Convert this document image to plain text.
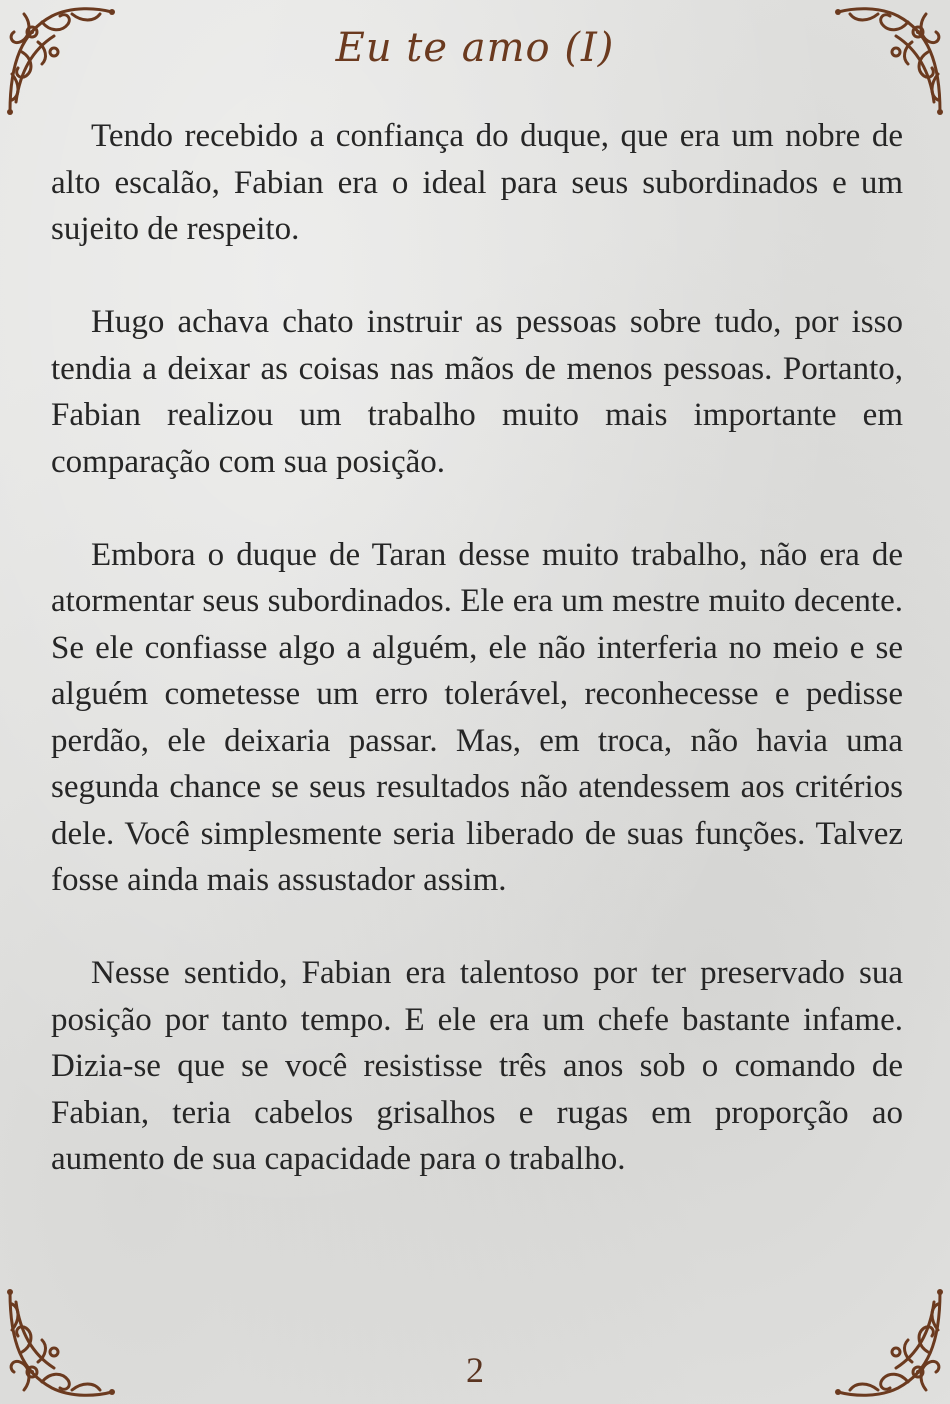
Eu te amo (I)

Tendo recebido a confiança do duque, que era um nobre de alto escalão, Fabian era o ideal para seus subordinados e um sujeito de respeito.

Hugo achava chato instruir as pessoas sobre tudo, por isso tendia a deixar as coisas nas mãos de menos pessoas. Portanto, Fabian realizou um trabalho muito mais importante em comparação com sua posição.

Embora o duque de Taran desse muito trabalho, não era de atormentar seus subordinados. Ele era um mestre muito decente. Se ele confiasse algo a alguém, ele não interferia no meio e se alguém cometesse um erro tolerável, reconhecesse e pedisse perdão, ele deixaria passar. Mas, em troca, não havia uma segunda chance se seus resultados não atendessem aos critérios dele. Você simplesmente seria liberado de suas funções. Talvez fosse ainda mais assustador assim.

Nesse sentido, Fabian era talentoso por ter preservado sua posição por tanto tempo. E ele era um chefe bastante infame. Dizia-se que se você resistisse três anos sob o comando de Fabian, teria cabelos grisalhos e rugas em proporção ao aumento de sua capacidade para o trabalho.

2
